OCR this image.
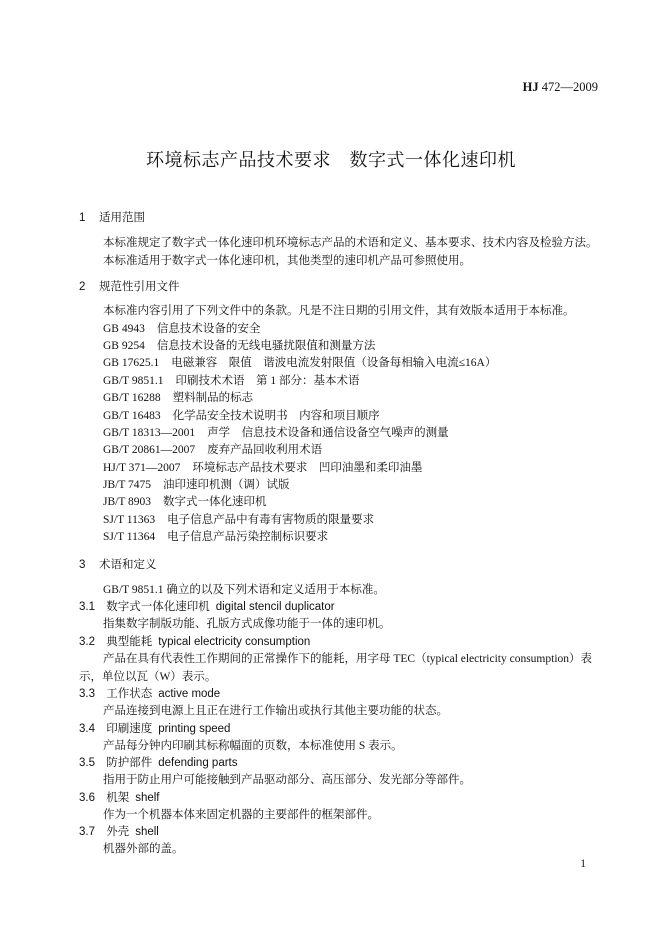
HJ 472—2009
环境标志产品技术要求　数字式一体化速印机
1 适用范围
本标准规定了数字式一体化速印机环境标志产品的术语和定义、基本要求、技术内容及检验方法。
本标准适用于数字式一体化速印机，其他类型的速印机产品可参照使用。
2 规范性引用文件
本标准内容引用了下列文件中的条款。凡是不注日期的引用文件，其有效版本适用于本标准。
GB 4943 信息技术设备的安全
GB 9254 信息技术设备的无线电骚扰限值和测量方法
GB 17625.1 电磁兼容　限值　谐波电流发射限值（设备每相输入电流≤16A）
GB/T 9851.1 印刷技术术语　第 1 部分：基本术语
GB/T 16288 塑料制品的标志
GB/T 16483 化学品安全技术说明书　内容和项目顺序
GB/T 18313—2001 声学　信息技术设备和通信设备空气噪声的测量
GB/T 20861—2007 废弃产品回收利用术语
HJ/T 371—2007 环境标志产品技术要求　凹印油墨和柔印油墨
JB/T 7475 油印速印机测（调）试版
JB/T 8903 数字式一体化速印机
SJ/T 11363 电子信息产品中有毒有害物质的限量要求
SJ/T 11364 电子信息产品污染控制标识要求
3 术语和定义
GB/T 9851.1 确立的以及下列术语和定义适用于本标准。
3.1 数字式一体化速印机 digital stencil duplicator
指集数字制版功能、孔版方式成像功能于一体的速印机。
3.2 典型能耗 typical electricity consumption
产品在具有代表性工作期间的正常操作下的能耗，用字母 TEC（typical electricity consumption）表
示，单位以瓦（W）表示。
3.3 工作状态 active mode
产品连接到电源上且正在进行工作输出或执行其他主要功能的状态。
3.4 印刷速度 printing speed
产品每分钟内印刷其标称幅面的页数，本标准使用 S 表示。
3.5 防护部件 defending parts
指用于防止用户可能接触到产品驱动部分、高压部分、发光部分等部件。
3.6 机架 shelf
作为一个机器本体来固定机器的主要部件的框架部件。
3.7 外壳 shell
机器外部的盖。
1
